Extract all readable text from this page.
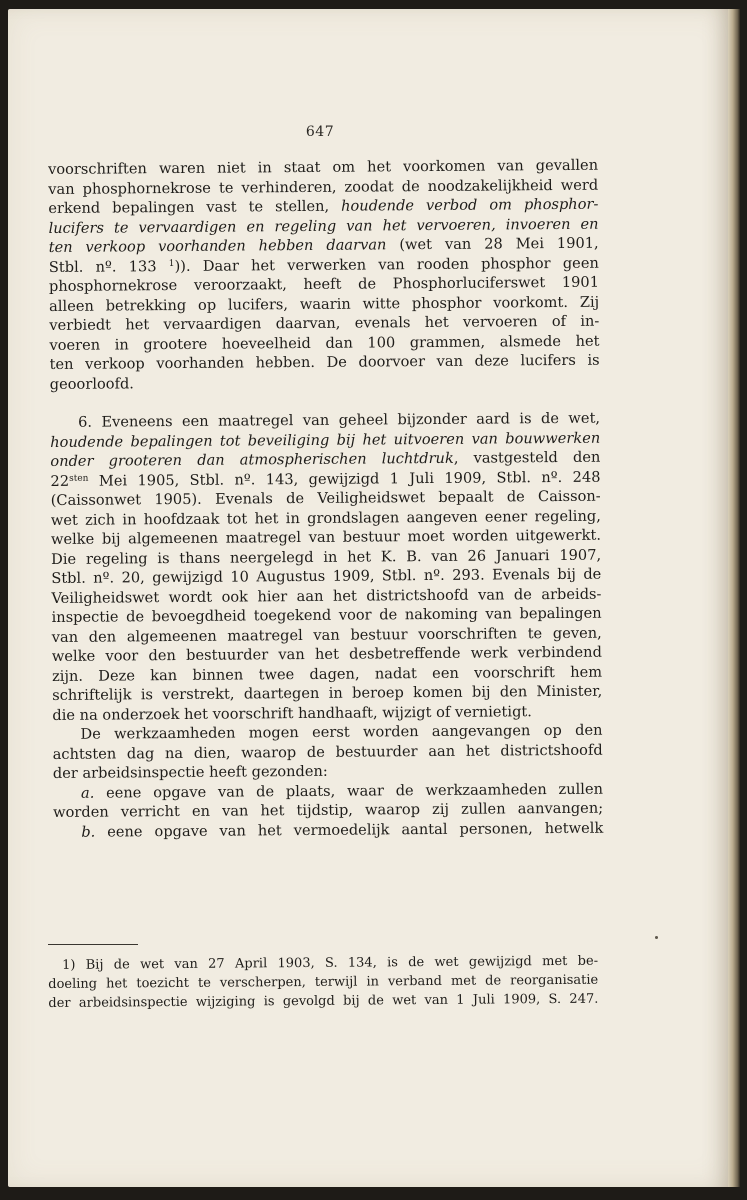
647
voorschriften waren niet in staat om het voorkomen van gevallen
van phosphornekrose te verhinderen, zoodat de noodzakelijkheid werd
erkend bepalingen vast te stellen, houdende verbod om phosphor-
lucifers te vervaardigen en regeling van het vervoeren, invoeren en
ten verkoop voorhanden hebben daarvan (wet van 28 Mei 1901,
Stbl. nº. 133 $^1$)). Daar het verwerken van rooden phosphor geen
phosphornekrose veroorzaakt, heeft de Phosphorluciferswet 1901
alleen betrekking op lucifers, waarin witte phosphor voorkomt. Zij
verbiedt het vervaardigen daarvan, evenals het vervoeren of in-
voeren in grootere hoeveelheid dan 100 grammen, alsmede het
ten verkoop voorhanden hebben. De doorvoer van deze lucifers is
geoorloofd.
6. Eveneens een maatregel van geheel bijzonder aard is de wet,
houdende bepalingen tot beveiliging bij het uitvoeren van bouwwerken
onder grooteren dan atmospherischen luchtdruk, vastgesteld den
$22^{sten}$ Mei 1905, Stbl. nº. 143, gewijzigd 1 Juli 1909, Stbl. nº. 248
(Caissonwet 1905). Evenals de Veiligheidswet bepaalt de Caisson-
wet zich in hoofdzaak tot het in grondslagen aangeven eener regeling,
welke bij algemeenen maatregel van bestuur moet worden uitgewerkt.
Die regeling is thans neergelegd in het K. B. van 26 Januari 1907,
Stbl. nº. 20, gewijzigd 10 Augustus 1909, Stbl. nº. 293. Evenals bij de
Veiligheidswet wordt ook hier aan het districtshoofd van de arbeids-
inspectie de bevoegdheid toegekend voor de nakoming van bepalingen
van den algemeenen maatregel van bestuur voorschriften te geven,
welke voor den bestuurder van het desbetreffende werk verbindend
zijn. Deze kan binnen twee dagen, nadat een voorschrift hem
schriftelijk is verstrekt, daartegen in beroep komen bij den Minister,
die na onderzoek het voorschrift handhaaft, wijzigt of vernietigt.
De werkzaamheden mogen eerst worden aangevangen op den
achtsten dag na dien, waarop de bestuurder aan het districtshoofd
der arbeidsinspectie heeft gezonden:
a. eene opgave van de plaats, waar de werkzaamheden zullen
worden verricht en van het tijdstip, waarop zij zullen aanvangen;
b. eene opgave van het vermoedelijk aantal personen, hetwelk
1) Bij de wet van 27 April 1903, S. 134, is de wet gewijzigd met be-
doeling het toezicht te verscherpen, terwijl in verband met de reorganisatie
der arbeidsinspectie wijziging is gevolgd bij de wet van 1 Juli 1909, S. 247.
